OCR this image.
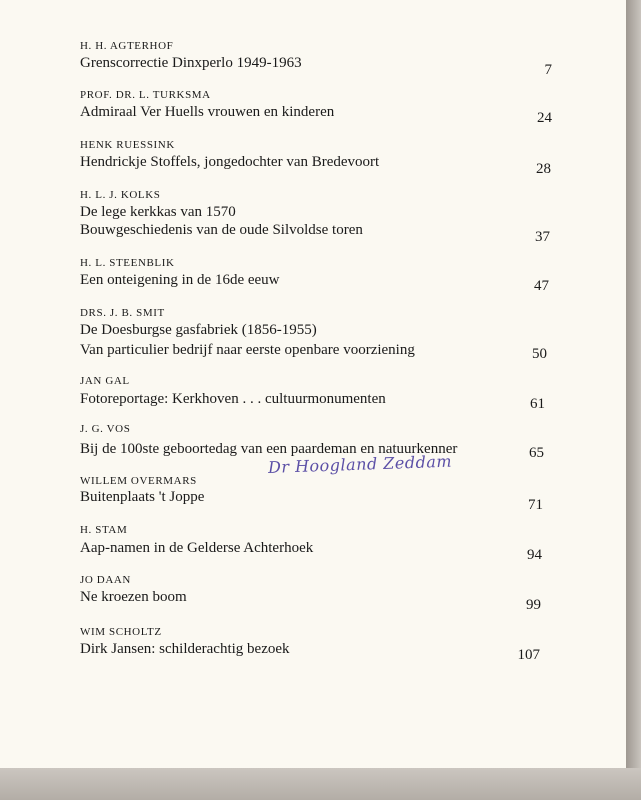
H. H. AGTERHOF
Grenscorrectie Dinxperlo 1949-1963	7
PROF. DR. L. TURKSMA
Admiraal Ver Huells vrouwen en kinderen	24
HENK RUESSINK
Hendrickje Stoffels, jongedochter van Bredevoort	28
H. L. J. KOLKS
De lege kerkkas van 1570
Bouwgeschiedenis van de oude Silvoldse toren	37
H. L. STEENBLIK
Een onteigening in de 16de eeuw	47
DRS. J. B. SMIT
De Doesburgse gasfabriek (1856-1955)
Van particulier bedrijf naar eerste openbare voorziening	50
JAN GAL
Fotoreportage: Kerkhoven . . . cultuurmonumenten	61
J. G. VOS
Bij de 100ste geboortedag van een paardeman en natuurkenner	65
Dr Hoogland Zeddam
WILLEM OVERMARS
Buitenplaats 't Joppe	71
H. STAM
Aap-namen in de Gelderse Achterhoek	94
JO DAAN
Ne kroezen boom	99
WIM SCHOLTZ
Dirk Jansen: schilderachtig bezoek	107
